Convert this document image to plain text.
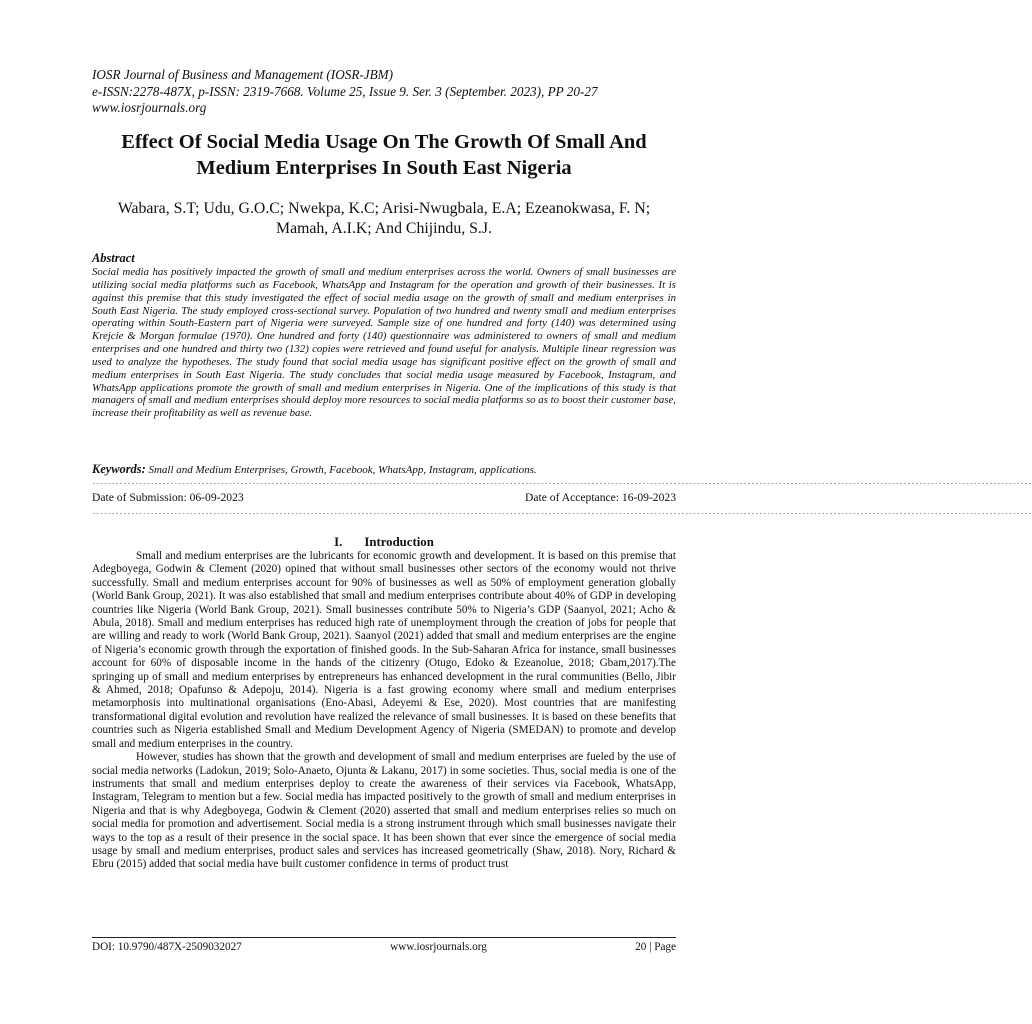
IOSR Journal of Business and Management (IOSR-JBM)
e-ISSN:2278-487X, p-ISSN: 2319-7668. Volume 25, Issue 9. Ser. 3 (September. 2023), PP 20-27
www.iosrjournals.org
Effect Of Social Media Usage On The Growth Of Small And Medium Enterprises In South East Nigeria
Wabara, S.T; Udu, G.O.C; Nwekpa, K.C; Arisi-Nwugbala, E.A; Ezeanokwasa, F. N; Mamah, A.I.K; And Chijindu, S.J.
Abstract
Social media has positively impacted the growth of small and medium enterprises across the world. Owners of small businesses are utilizing social media platforms such as Facebook, WhatsApp and Instagram for the operation and growth of their businesses. It is against this premise that this study investigated the effect of social media usage on the growth of small and medium enterprises in South East Nigeria. The study employed cross-sectional survey. Population of two hundred and twenty small and medium enterprises operating within South-Eastern part of Nigeria were surveyed. Sample size of one hundred and forty (140) was determined using Krejcie & Morgan formulae (1970). One hundred and forty (140) questionnaire was administered to owners of small and medium enterprises and one hundred and thirty two (132) copies were retrieved and found useful for analysis. Multiple linear regression was used to analyze the hypotheses. The study found that social media usage has significant positive effect on the growth of small and medium enterprises in South East Nigeria. The study concludes that social media usage measured by Facebook, Instagram, and WhatsApp applications promote the growth of small and medium enterprises in Nigeria. One of the implications of this study is that managers of small and medium enterprises should deploy more resources to social media platforms so as to boost their customer base, increase their profitability as well as revenue base.
Keywords: Small and Medium Enterprises, Growth, Facebook, WhatsApp, Instagram, applications.
-------------------------------------------------------------------------------------------------------------------------------------------------------------------------------------------------------------------------------------------------
Date of Submission: 06-09-2023	Date of Acceptance: 16-09-2023
-------------------------------------------------------------------------------------------------------------------------------------------------------------------------------------------------------------------------------------------------
I. Introduction

Small and medium enterprises are the lubricants for economic growth and development. It is based on this premise that Adegboyega, Godwin & Clement (2020) opined that without small businesses other sectors of the economy would not thrive successfully. Small and medium enterprises account for 90% of businesses as well as 50% of employment generation globally (World Bank Group, 2021). It was also established that small and medium enterprises contribute about 40% of GDP in developing countries like Nigeria (World Bank Group, 2021). Small businesses contribute 50% to Nigeria’s GDP (Saanyol, 2021; Acho & Abula, 2018). Small and medium enterprises has reduced high rate of unemployment through the creation of jobs for people that are willing and ready to work (World Bank Group, 2021). Saanyol (2021) added that small and medium enterprises are the engine of Nigeria’s economic growth through the exportation of finished goods. In the Sub-Saharan Africa for instance, small businesses account for 60% of disposable income in the hands of the citizenry (Otugo, Edoko & Ezeanolue, 2018; Gbam,2017).The springing up of small and medium enterprises by entrepreneurs has enhanced development in the rural communities (Bello, Jibir & Ahmed, 2018; Opafunso & Adepoju, 2014). Nigeria is a fast growing economy where small and medium enterprises metamorphosis into multinational organisations (Eno-Abasi, Adeyemi & Ese, 2020). Most countries that are manifesting transformational digital evolution and revolution have realized the relevance of small businesses. It is based on these benefits that countries such as Nigeria established Small and Medium Development Agency of Nigeria (SMEDAN) to promote and develop small and medium enterprises in the country.

However, studies has shown that the growth and development of small and medium enterprises are fueled by the use of social media networks (Ladokun, 2019; Solo-Anaeto, Ojunta & Lakanu, 2017) in some societies. Thus, social media is one of the instruments that small and medium enterprises deploy to create the awareness of their services via Facebook, WhatsApp, Instagram, Telegram to mention but a few. Social media has impacted positively to the growth of small and medium enterprises in Nigeria and that is why Adegboyega, Godwin & Clement (2020) asserted that small and medium enterprises relies so much on social media for promotion and advertisement. Social media is a strong instrument through which small businesses navigate their ways to the top as a result of their presence in the social space. It has been shown that ever since the emergence of social media usage by small and medium enterprises, product sales and services has increased geometrically (Shaw, 2018). Nory, Richard & Ebru (2015) added that social media have built customer confidence in terms of product trust

DOI: 10.9790/487X-2509032027	www.iosrjournals.org	20 | Page
